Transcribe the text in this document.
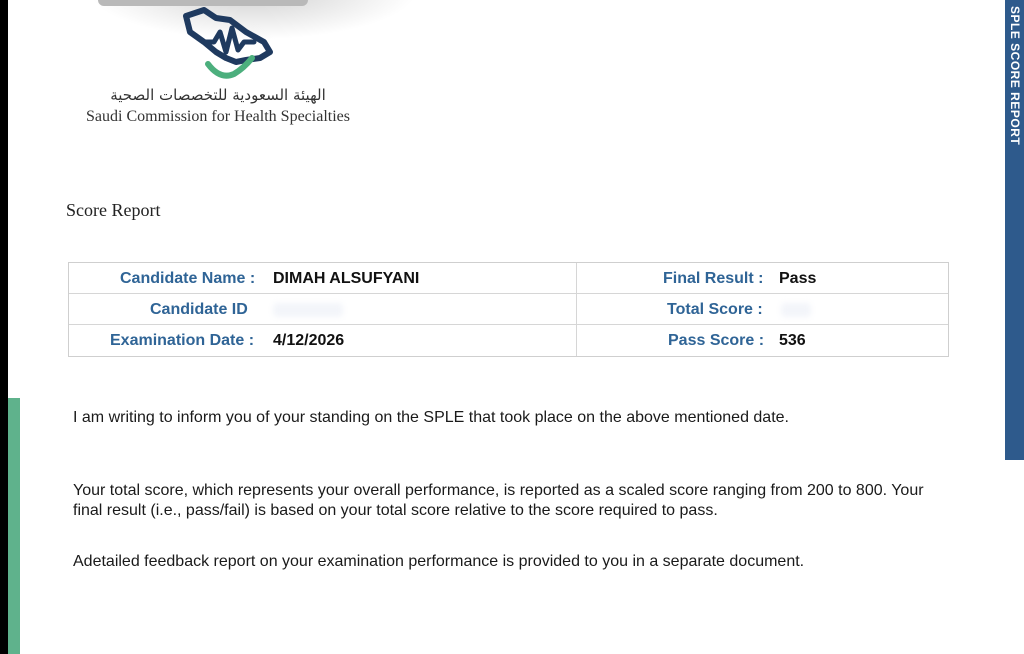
الهيئة السعودية للتخصصات الصحية
Saudi Commission for Health Specialties
Score Report
Candidate Name : DIMAH ALSUFYANI	Final Result : Pass
Candidate ID	Total Score :
Examination Date : 4/12/2026	Pass Score : 536
I am writing to inform you of your standing on the SPLE that took place on the above mentioned date.
Your total score, which represents your overall performance, is reported as a scaled score ranging from 200 to 800. Your final result (i.e., pass/fail) is based on your total score relative to the score required to pass.
Adetailed feedback report on your examination performance is provided to you in a separate document.
SPLE SCORE REPORT
